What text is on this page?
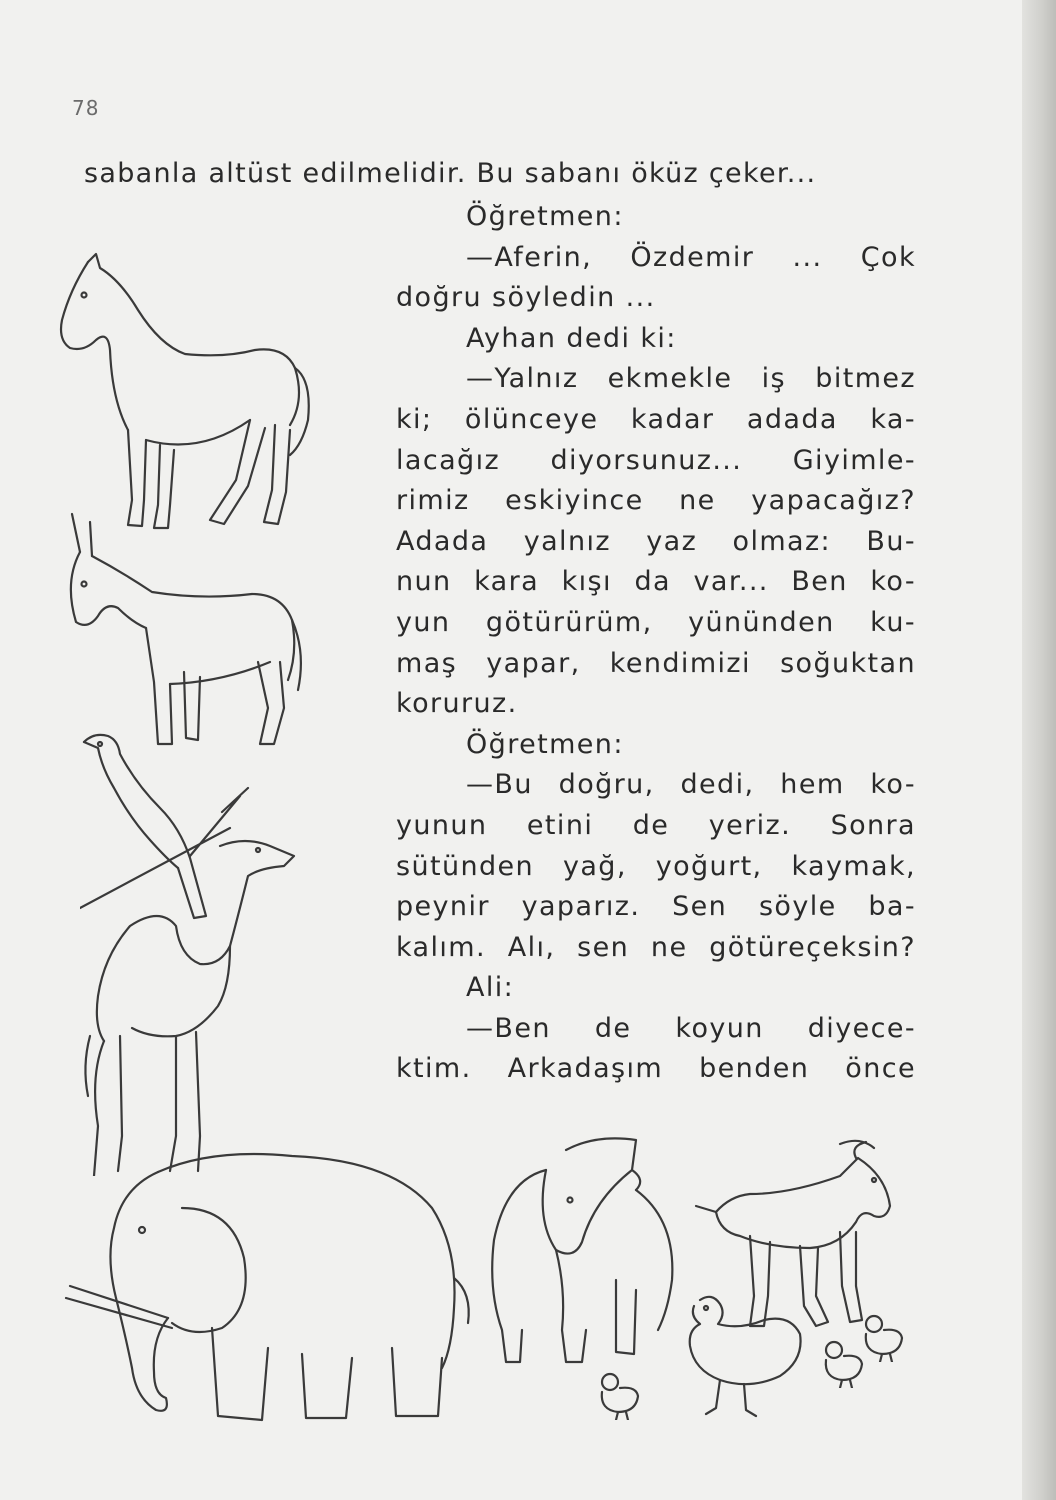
78
sabanla altüst edilmelidir. Bu sabanı öküz çeker...
Öğretmen:
—Aferin, Özdemir ... Çok
doğru söyledin ...
Ayhan dedi ki:
—Yalnız ekmekle iş bitmez
ki; ölünceye kadar adada ka-
lacağız diyorsunuz... Giyimle-
rimiz eskiyince ne yapacağız?
Adada yalnız yaz olmaz: Bu-
nun kara kışı da var... Ben ko-
yun götürürüm, yününden ku-
maş yapar, kendimizi soğuktan
koruruz.
Öğretmen:
—Bu doğru, dedi, hem ko-
yunun etini de yeriz. Sonra
sütünden yağ, yoğurt, kaymak,
peynir yaparız. Sen söyle ba-
kalım. Alı, sen ne götüreçeksin?
Ali:
—Ben de koyun diyece-
ktim. Arkadaşım benden önce
